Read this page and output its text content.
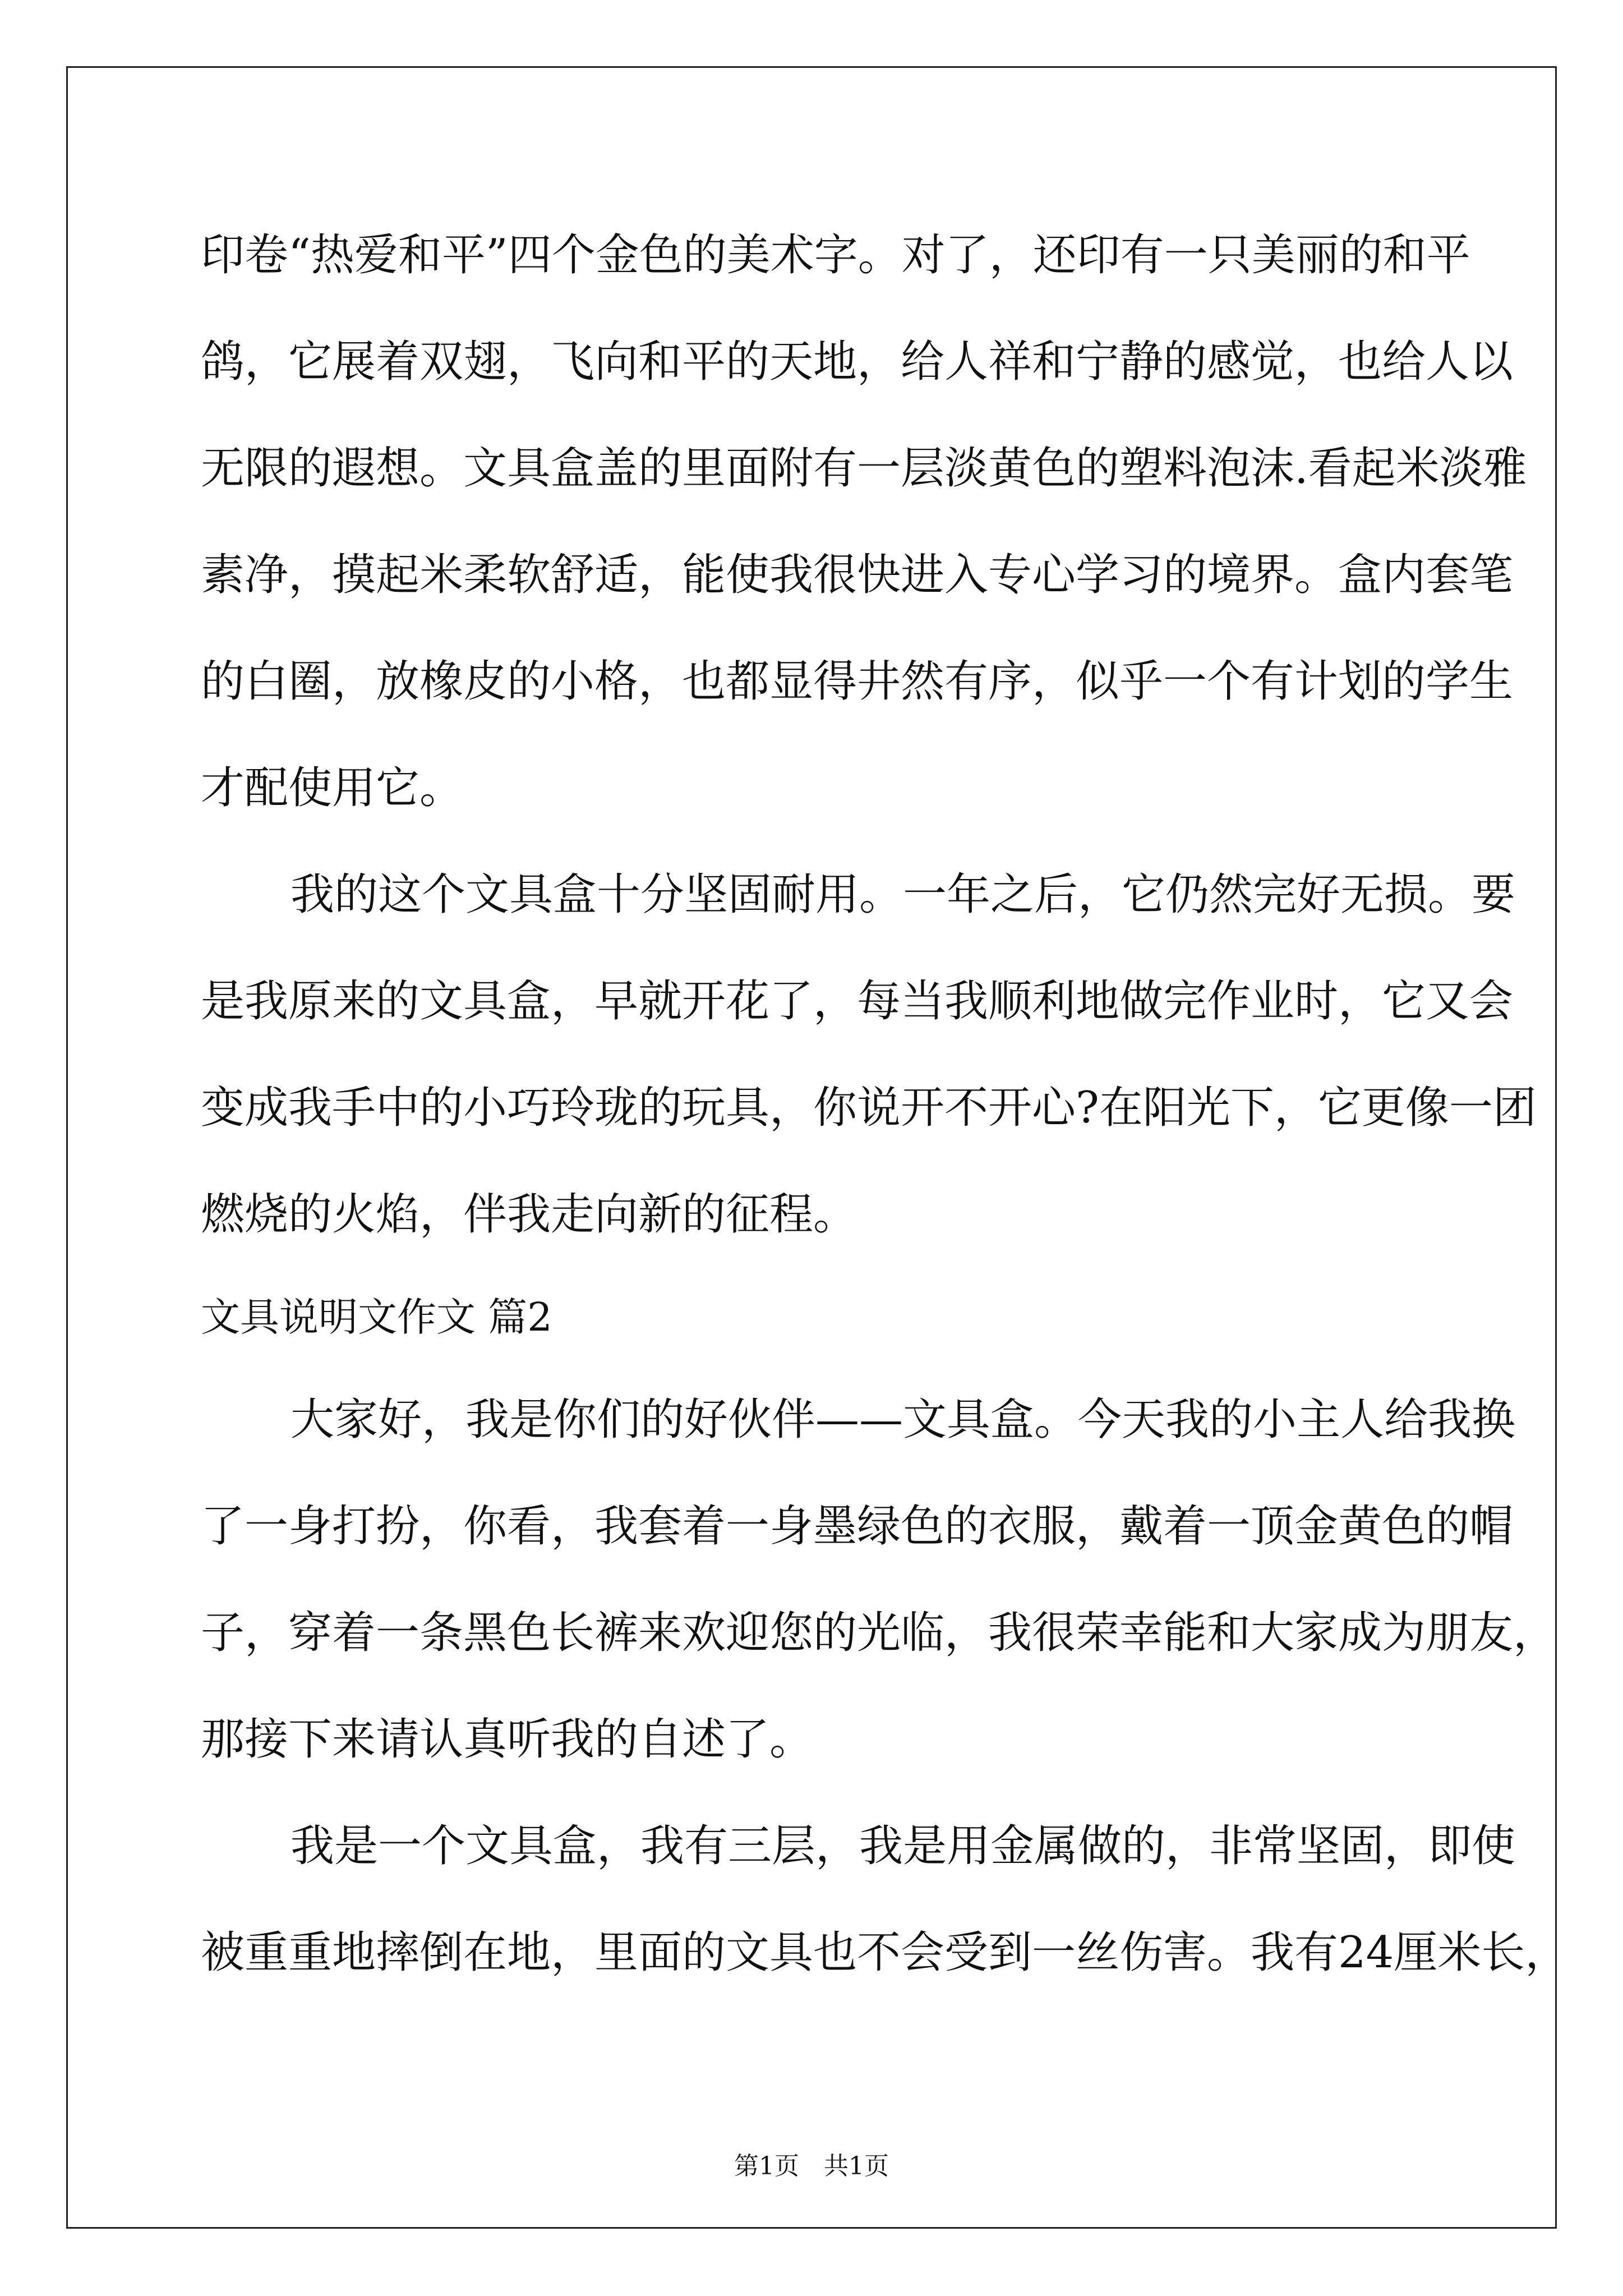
印卷“热爱和平”四个金色的美术字。对了，还印有一只美丽的和平
鸽，它展着双翅，飞向和平的天地，给人祥和宁静的感觉，也给人以
无限的遐想。文具盒盖的里面附有一层淡黄色的塑料泡沫.看起米淡雅
素净，摸起米柔软舒适，能使我很快进入专心学习的境界。盒内套笔
的白圈，放橡皮的小格，也都显得井然有序，似乎一个有计划的学生
才配使用它。
我的这个文具盒十分坚固耐用。一年之后，它仍然完好无损。要
是我原来的文具盒，早就开花了，每当我顺利地做完作业时，它又会
变成我手中的小巧玲珑的玩具，你说开不开心?在阳光下，它更像一团
燃烧的火焰，伴我走向新的征程。
文具说明文作文 篇2
大家好，我是你们的好伙伴——文具盒。今天我的小主人给我换
了一身打扮，你看，我套着一身墨绿色的衣服，戴着一顶金黄色的帽
子，穿着一条黑色长裤来欢迎您的光临，我很荣幸能和大家成为朋友，
那接下来请认真听我的自述了。
我是一个文具盒，我有三层，我是用金属做的，非常坚固，即使
被重重地摔倒在地，里面的文具也不会受到一丝伤害。我有24厘米长，
第1页　共1页
